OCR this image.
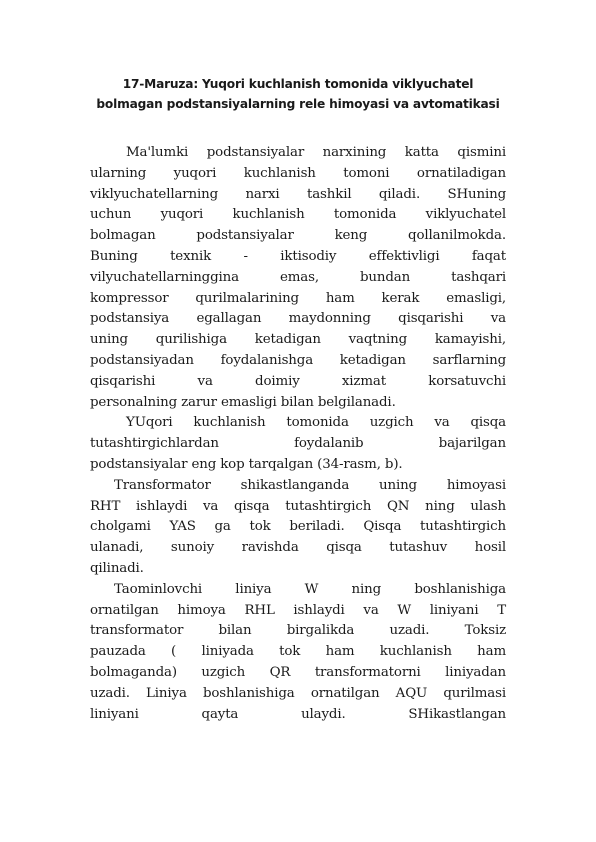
17-Maruza: Yuqori kuchlanish tomonida viklyuchatel
bolmagan podstansiyalarning rele himoyasi va avtomatikasi
Ma'lumki podstansiyalar narxining katta qismini
ularning yuqori kuchlanish tomoni ornatiladigan
viklyuchatellarning narxi tashkil qiladi. SHuning
uchun yuqori kuchlanish tomonida viklyuchatel
bolmagan podstansiyalar keng qollanilmokda.
Buning texnik - iktisodiy effektivligi faqat
vilyuchatellarninggina emas, bundan tashqari
kompressor qurilmalarining ham kerak emasligi,
podstansiya egallagan maydonning qisqarishi va
uning qurilishiga ketadigan vaqtning kamayishi,
podstansiyadan foydalanishga ketadigan sarflarning
qisqarishi va doimiy xizmat korsatuvchi
personalning zarur emasligi bilan belgilanadi.
YUqori kuchlanish tomonida uzgich va qisqa
tutashtirgichlardan foydalanib bajarilgan
podstansiyalar eng kop tarqalgan (34-rasm, b).
Transformator shikastlanganda uning himoyasi
RHT ishlaydi va qisqa tutashtirgich QN ning ulash
cholgami YAS ga tok beriladi. Qisqa tutashtirgich
ulanadi, sunoiy ravishda qisqa tutashuv hosil
qilinadi.
Taominlovchi liniya W ning boshlanishiga
ornatilgan himoya RHL ishlaydi va W liniyani T
transformator bilan birgalikda uzadi. Toksiz
pauzada ( liniyada tok ham kuchlanish ham
bolmaganda) uzgich QR transformatorni liniyadan
uzadi. Liniya boshlanishiga ornatilgan AQU qurilmasi
liniyani qayta ulaydi. SHikastlangan
